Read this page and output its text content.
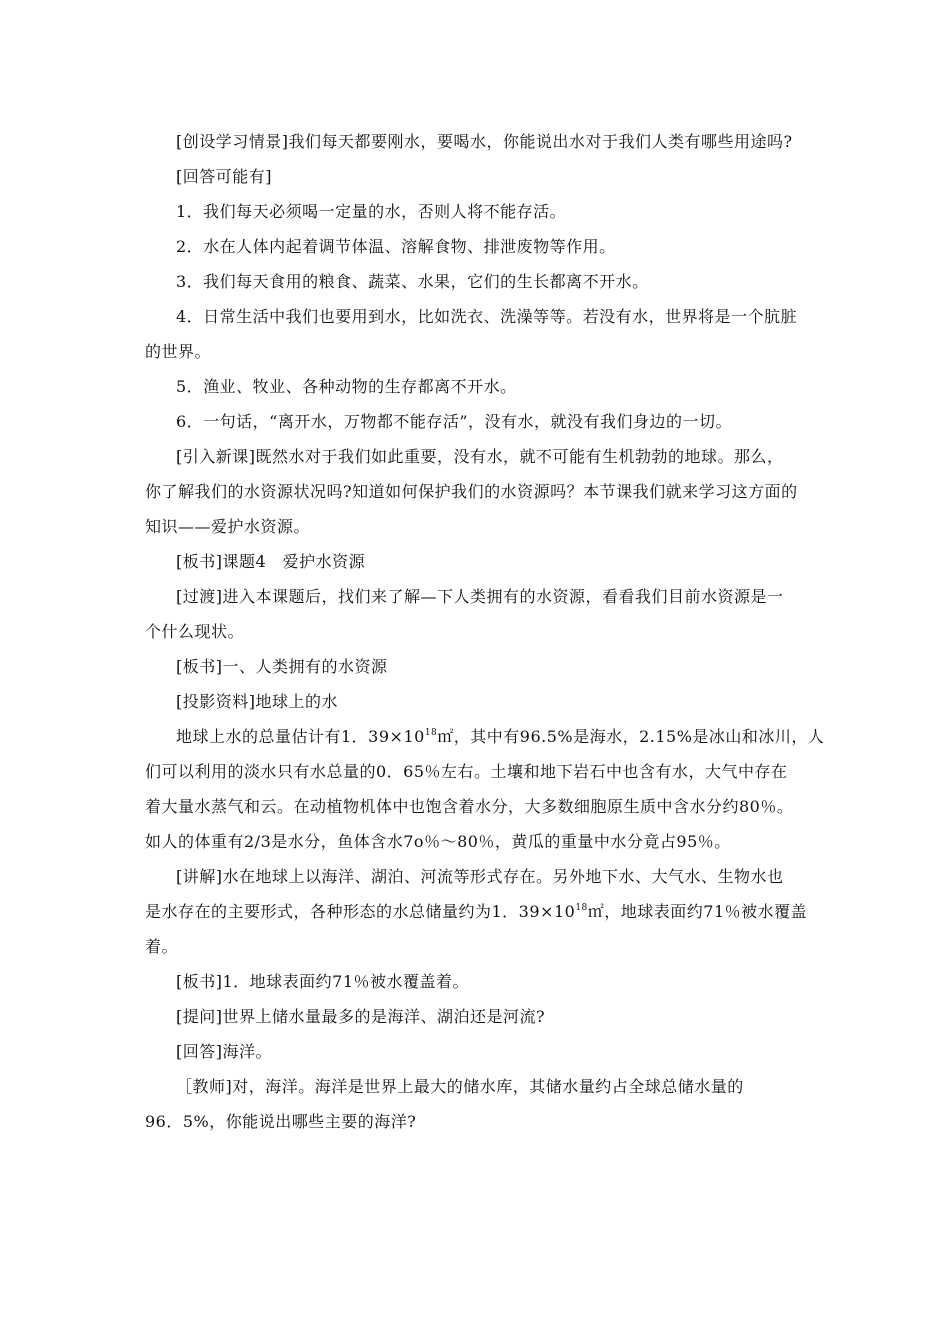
[创设学习情景]我们每天都要刚水，要喝水，你能说出水对于我们人类有哪些用途吗?
[回答可能有]
1．我们每天必须喝一定量的水，否则人将不能存活。
2．水在人体内起着调节体温、溶解食物、排泄废物等作用。
3．我们每天食用的粮食、蔬菜、水果，它们的生长都离不开水。
4．日常生活中我们也要用到水，比如洗衣、洗澡等等。若没有水，世界将是一个肮脏
的世界。
5．渔业、牧业、各种动物的生存都离不开水。
6．一句话，“离开水，万物都不能存活”，没有水，就没有我们身边的一切。
[引入新课]既然水对于我们如此重要，没有水，就不可能有生机勃勃的地球。那么，
你了解我们的水资源状况吗?知道如何保护我们的水资源吗？本节课我们就来学习这方面的
知识——爱护水资源。
[板书]课题4　爱护水资源
[过渡]进入本课题后，找们来了解—下人类拥有的水资源，看看我们目前水资源是一
个什么现状。
[板书]一、人类拥有的水资源
[投影资料]地球上的水
地球上水的总量估计有1．$39\times 10^{18}㎡$，其中有96.5%是海水，2.15%是冰山和冰川，人
们可以利用的淡水只有水总量的0．65％左右。土壤和地下岩石中也含有水，大气中存在
着大量水蒸气和云。在动植物机体中也饱含着水分，大多数细胞原生质中含水分约80％。
如人的体重有2/3是水分，鱼体含水7o％～80％，黄瓜的重量中水分竟占95％。
[讲解]水在地球上以海洋、湖泊、河流等形式存在。另外地下水、大气水、生物水也
是水存在的主要形式，各种形态的水总储量约为1．$39\times 10^{18}㎡$，地球表面约71％被水覆盖
着。
[板书]1．地球表面约71％被水覆盖着。
[提问]世界上储水量最多的是海洋、湖泊还是河流?
[回答]海洋。
［教师]对，海洋。海洋是世界上最大的储水库，其储水量约占全球总储水量的
96．5%，你能说出哪些主要的海洋?
